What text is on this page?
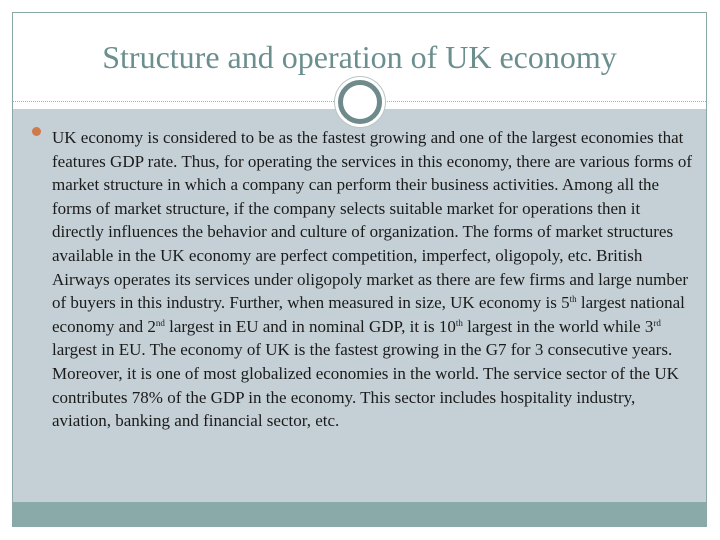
Structure and operation of UK economy

UK economy is considered to be as the fastest growing and one of the largest economies that features GDP rate. Thus, for operating the services in this economy, there are various forms of market structure in which a company can perform their business activities. Among all the forms of market structure, if the company selects suitable market for operations then it directly influences the behavior and culture of organization. The forms of market structures available in the UK economy are perfect competition, imperfect, oligopoly, etc. British Airways operates its services under oligopoly market as there are few firms and large number of buyers in this industry. Further, when measured in size, UK economy is 5th largest national economy and 2nd largest in EU and in nominal GDP, it is 10th largest in the world while 3rd largest in EU. The economy of UK is the fastest growing in the G7 for 3 consecutive years. Moreover, it is one of most globalized economies in the world. The service sector of the UK contributes 78% of the GDP in the economy. This sector includes hospitality industry, aviation, banking and financial sector, etc.
